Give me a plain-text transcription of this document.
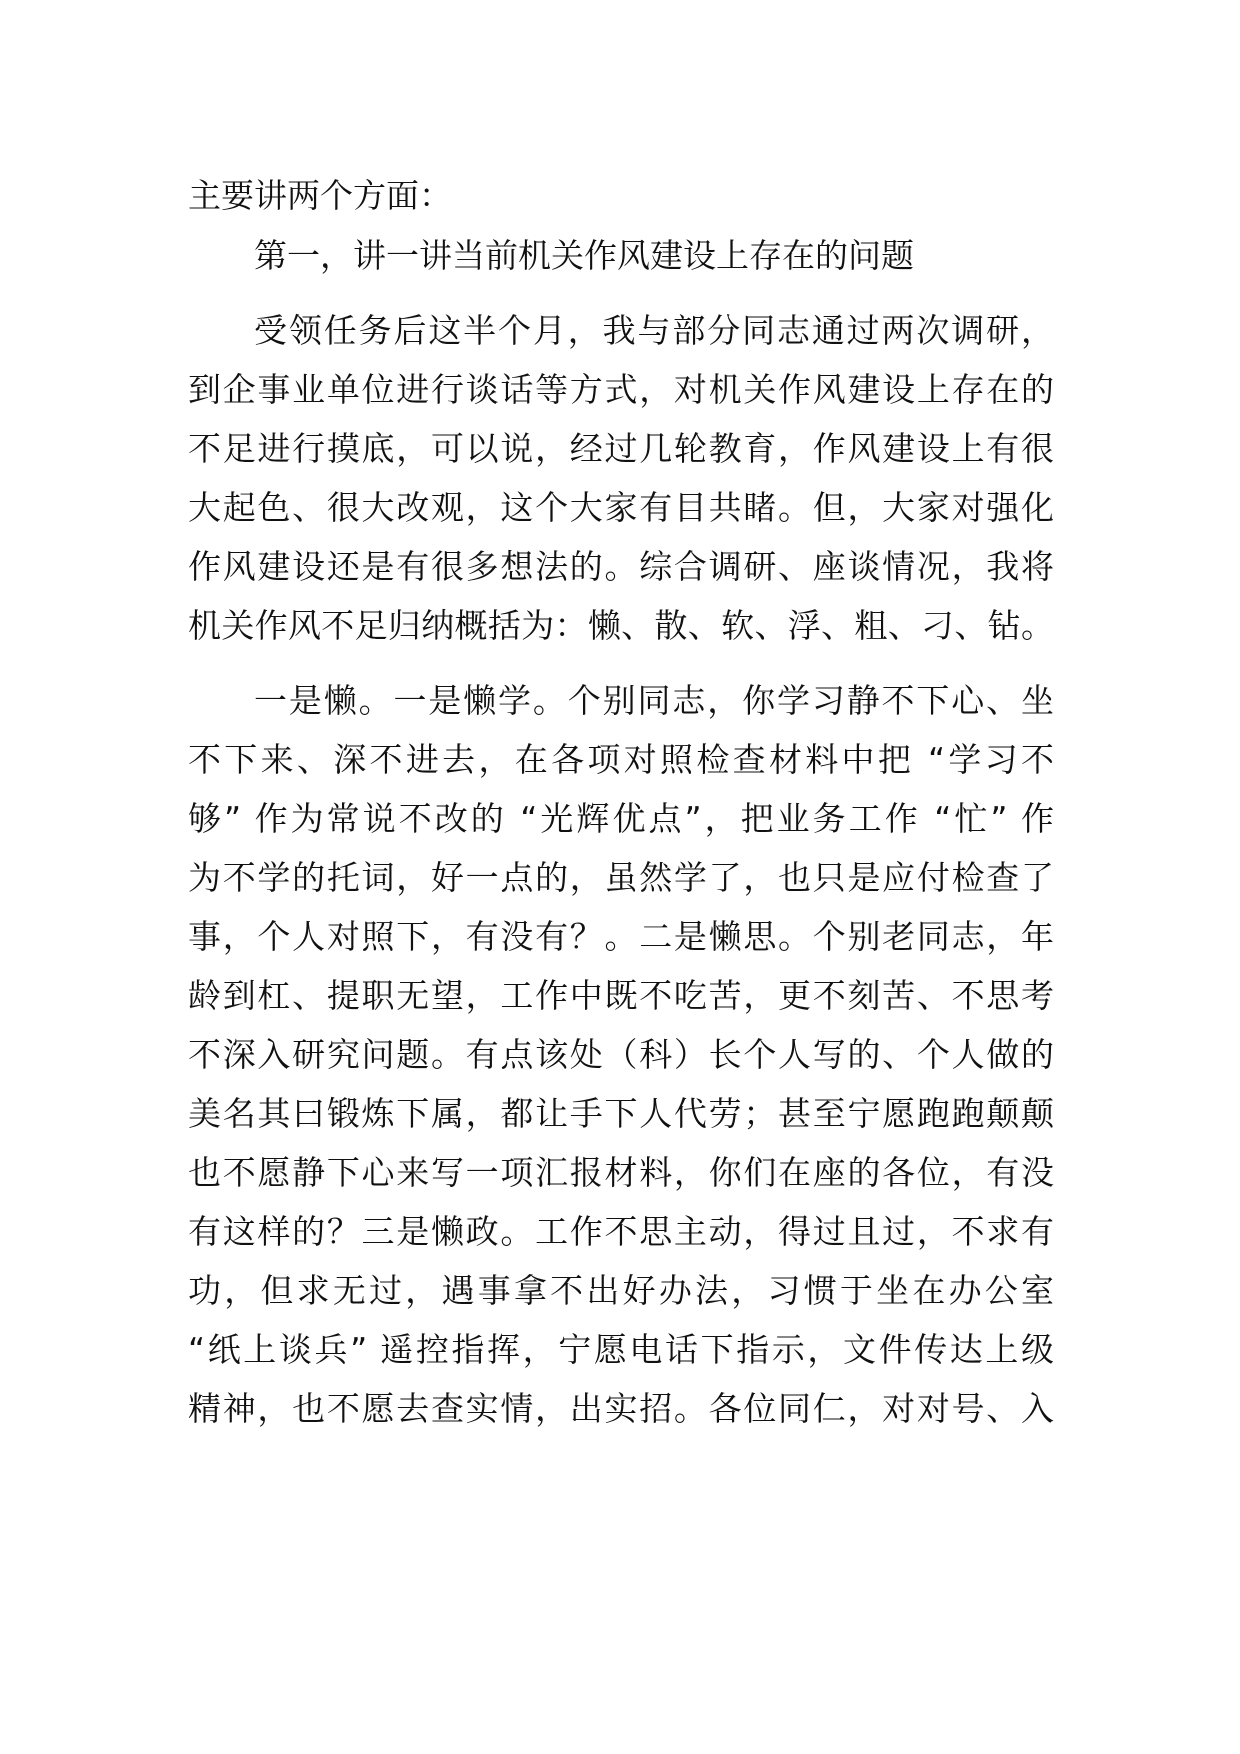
主要讲两个方面：
第一，讲一讲当前机关作风建设上存在的问题
受领任务后这半个月，我与部分同志通过两次调研，
到企事业单位进行谈话等方式，对机关作风建设上存在的
不足进行摸底，可以说，经过几轮教育，作风建设上有很
大起色、很大改观，这个大家有目共睹。但，大家对强化
作风建设还是有很多想法的。综合调研、座谈情况，我将
机关作风不足归纳概括为：懒、散、软、浮、粗、刁、钻。
一是懒。一是懒学。个别同志，你学习静不下心、坐
不下来、深不进去，在各项对照检查材料中把 “学习不
够” 作为常说不改的 “光辉优点”，把业务工作 “忙” 作
为不学的托词，好一点的，虽然学了，也只是应付检查了
事，个人对照下，有没有？。二是懒思。个别老同志，年
龄到杠、提职无望，工作中既不吃苦，更不刻苦、不思考
不深入研究问题。有点该处（科）长个人写的、个人做的
美名其曰锻炼下属，都让手下人代劳；甚至宁愿跑跑颠颠
也不愿静下心来写一项汇报材料，你们在座的各位，有没
有这样的？三是懒政。工作不思主动，得过且过，不求有
功，但求无过，遇事拿不出好办法，习惯于坐在办公室
“纸上谈兵” 遥控指挥，宁愿电话下指示，文件传达上级
精神，也不愿去查实情，出实招。各位同仁，对对号、入
